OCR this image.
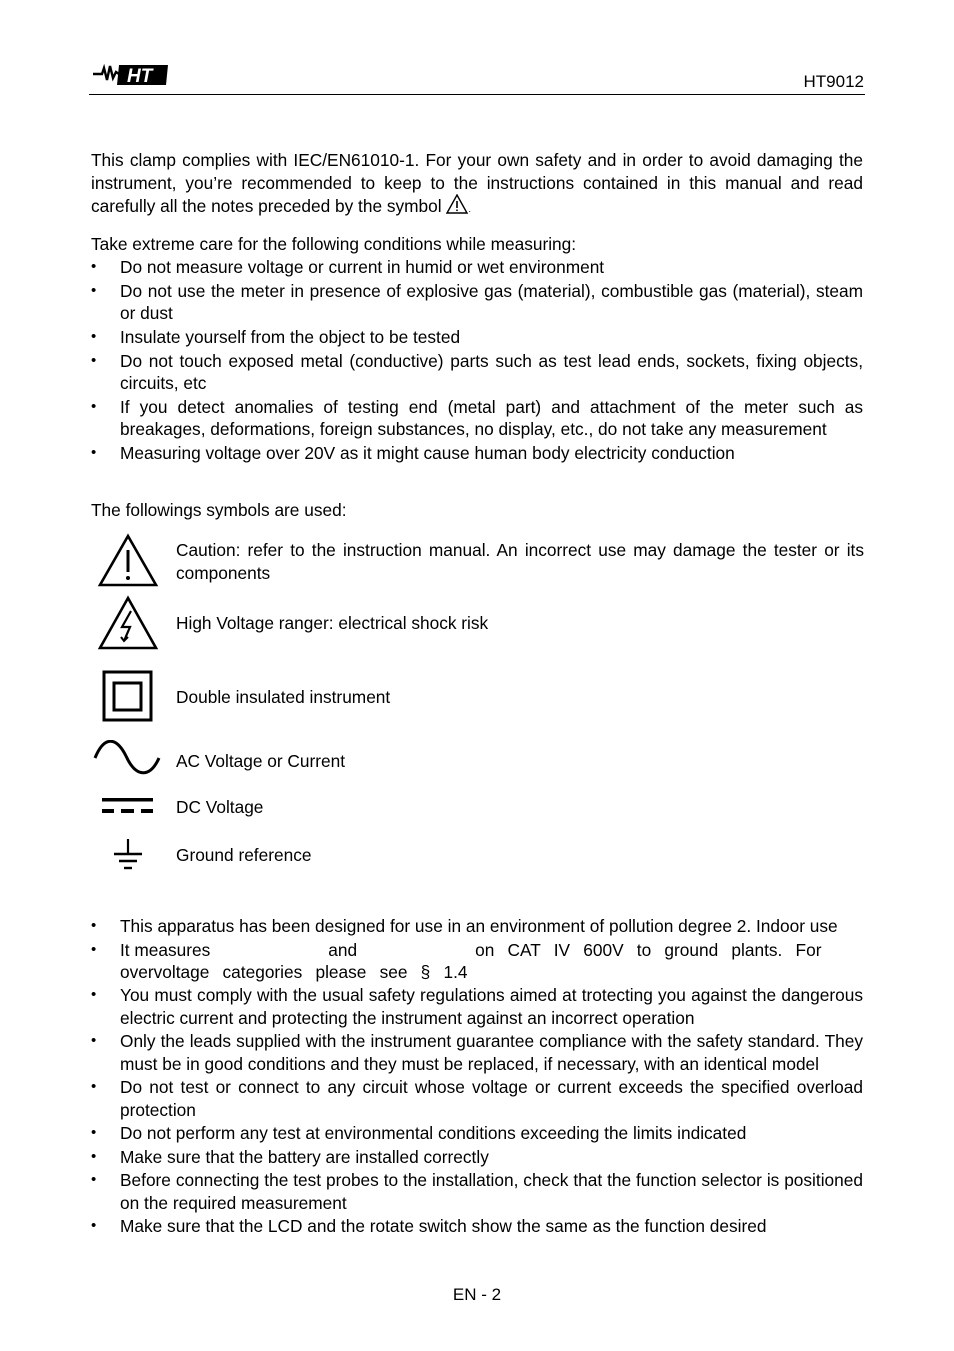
HT	HT9012

This clamp complies with IEC/EN61010-1. For your own safety and in order to avoid damaging the instrument, you’re recommended to keep to the instructions contained in this manual and read carefully all the notes preceded by the symbol	.

Take extreme care for the following conditions while measuring:

• Do not measure voltage or current in humid or wet environment
• Do not use the meter in presence of explosive gas (material), combustible gas (material), steam or dust
• Insulate yourself from the object to be tested
• Do not touch exposed metal (conductive) parts such as test lead ends, sockets, fixing objects, circuits, etc
• If you detect anomalies of testing end (metal part) and attachment of the meter such as breakages, deformations, foreign substances, no display, etc., do not take any measurement
• Measuring voltage over 20V as it might cause human body electricity conduction

The followings symbols are used:

Caution: refer to the instruction manual. An incorrect use may damage the tester or its components
High Voltage ranger: electrical shock risk
Double insulated instrument
AC Voltage or Current
DC Voltage
Ground reference
• This apparatus has been designed for use in an environment of pollution degree 2. Indoor use
• It measures	and	on CAT IV 600V to ground plants. For overvoltage categories please see § 1.4
• You must comply with the usual safety regulations aimed at trotecting you against the dangerous electric current and protecting the instrument against an incorrect operation
• Only the leads supplied with the instrument guarantee compliance with the safety standard. They must be in good conditions and they must be replaced, if necessary, with an identical model
• Do not test or connect to any circuit whose voltage or current exceeds the specified overload protection
• Do not perform any test at environmental conditions exceeding the limits indicated
• Make sure that the battery are installed correctly
• Before connecting the test probes to the installation, check that the function selector is positioned on the required measurement
• Make sure that the LCD and the rotate switch show the same as the function desired
EN - 2
